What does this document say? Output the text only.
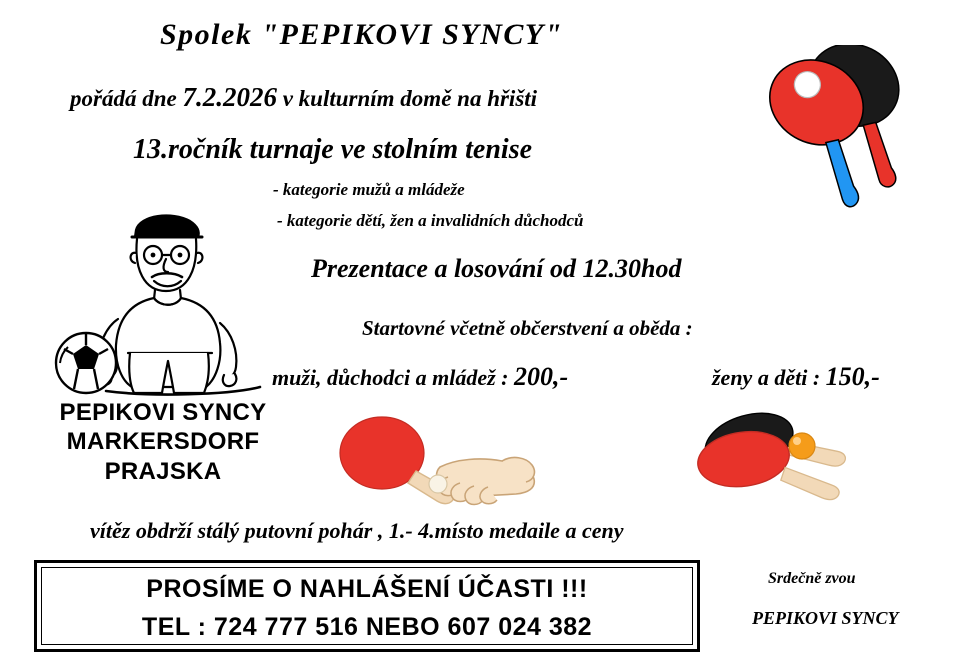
Spolek "PEPIKOVI SYNCY"
pořádá dne 7.2.2026 v kulturním domě na hřišti
13.ročník turnaje ve stolním tenise
- kategorie mužů a mládeže
- kategorie dětí, žen a invalidních důchodců
Prezentace a losování od 12.30hod
Startovné včetně občerstvení a oběda :
muži, důchodci a mládež : 200,-	ženy a děti : 150,-
vítěz obdrží stálý putovní pohár , 1.- 4.místo medaile a ceny
PEPIKOVI SYNCY
MARKERSDORF
PRAJSKA
PROSÍME O NAHLÁŠENÍ ÚČASTI !!!
TEL : 724 777 516 NEBO 607 024 382
Srdečně zvou
PEPIKOVI SYNCY
